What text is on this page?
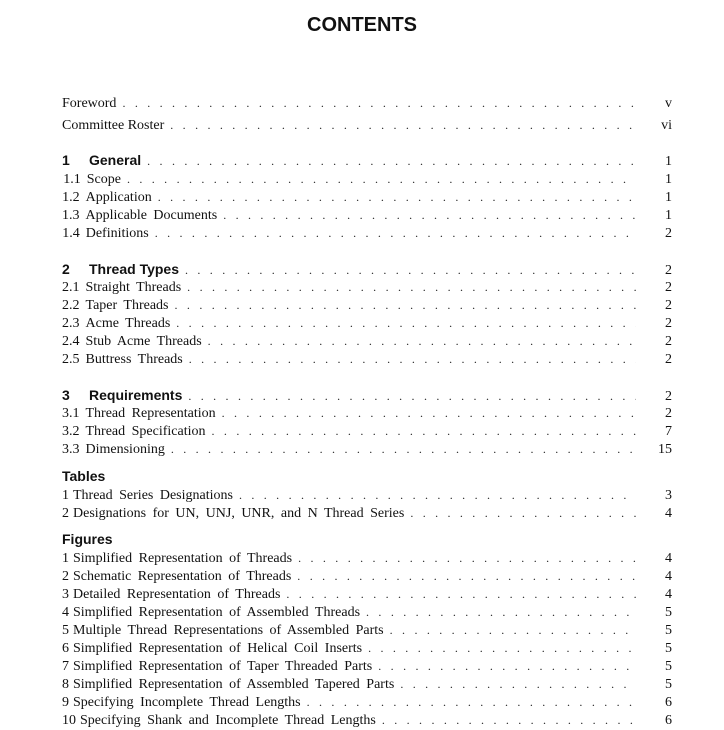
CONTENTS
Foreword . . .	v
Committee Roster . . .	vi
1	General . . .	1
1.1 Scope . . .	1
1.2 Application . . .	1
1.3 Applicable Documents . . .	1
1.4 Definitions . . .	2
2	Thread Types . . .	2
2.1 Straight Threads . . .	2
2.2 Taper Threads . . .	2
2.3 Acme Threads . . .	2
2.4 Stub Acme Threads . . .	2
2.5 Buttress Threads . . .	2
3	Requirements . . .	2
3.1 Thread Representation . . .	2
3.2 Thread Specification . . .	7
3.3 Dimensioning . . .	15
Tables
1 Thread Series Designations . . .	3
2 Designations for UN, UNJ, UNR, and N Thread Series . . .	4
Figures
1 Simplified Representation of Threads . . .	4
2 Schematic Representation of Threads . . .	4
3 Detailed Representation of Threads . . .	4
4 Simplified Representation of Assembled Threads . . .	5
5 Multiple Thread Representations of Assembled Parts . . .	5
6 Simplified Representation of Helical Coil Inserts . . .	5
7 Simplified Representation of Taper Threaded Parts . . .	5
8 Simplified Representation of Assembled Tapered Parts . . .	5
9 Specifying Incomplete Thread Lengths . . .	6
10 Specifying Shank and Incomplete Thread Lengths . . .	6
